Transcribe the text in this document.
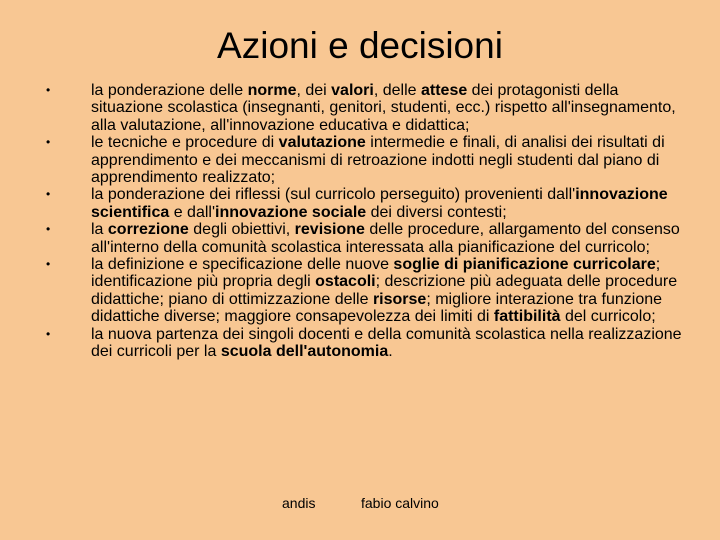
Azioni e decisioni
•	la ponderazione delle norme, dei valori, delle attese dei protagonisti della situazione scolastica (insegnanti, genitori, studenti, ecc.) rispetto all'insegnamento, alla valutazione, all'innovazione educativa e didattica;
•	le tecniche e procedure di valutazione intermedie e finali, di analisi dei risultati di apprendimento e dei meccanismi di retroazione indotti negli studenti dal piano di apprendimento realizzato;
•	la ponderazione dei riflessi (sul curricolo perseguito) provenienti dall'innovazione scientifica e dall'innovazione sociale dei diversi contesti;
•	la correzione degli obiettivi, revisione delle procedure, allargamento del consenso all'interno della comunità scolastica interessata alla pianificazione del curricolo;
•	la definizione e specificazione delle nuove soglie di pianificazione curricolare; identificazione più propria degli ostacoli; descrizione più adeguata delle procedure didattiche; piano di ottimizzazione delle risorse; migliore interazione tra funzione didattiche diverse; maggiore consapevolezza dei limiti di fattibilità del curricolo;
•	la nuova partenza dei singoli docenti e della comunità scolastica nella realizzazione dei curricoli per la scuola dell'autonomia.
andis	fabio calvino
